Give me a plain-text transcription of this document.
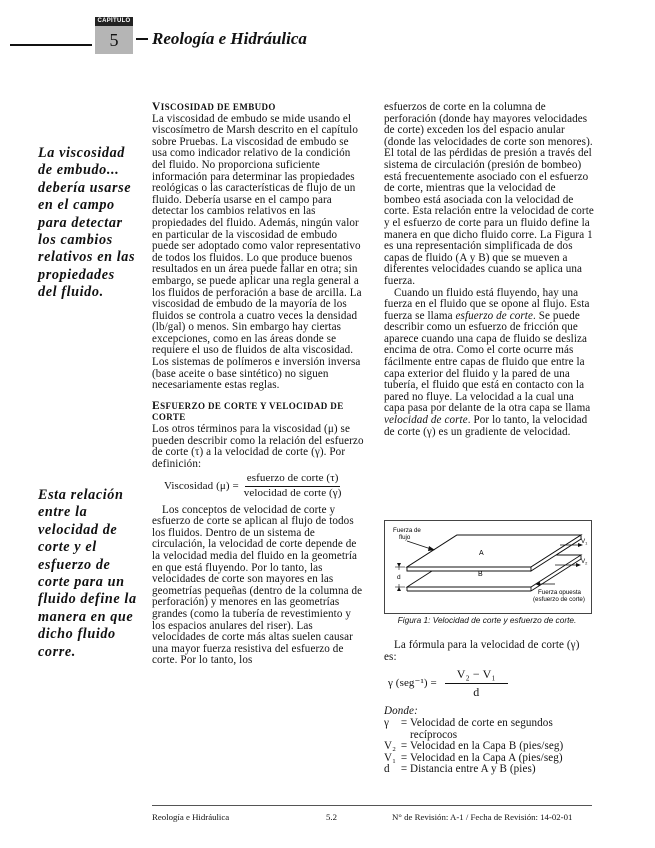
CAPÍTULO
5	Reología e Hidráulica
La viscosidad de embudo... debería usarse en el campo para detectar los cambios relativos en las propiedades del fluido.
Esta relación entre la velocidad de corte y el esfuerzo de corte para un fluido define la manera en que dicho fluido corre.

VISCOSIDAD DE EMBUDO

La viscosidad de embudo se mide usando el viscosímetro de Marsh descrito en el capítulo sobre Pruebas. La viscosidad de embudo se usa como indicador relativo de la condición del fluido. No proporciona suficiente información para determinar las propiedades reológicas o las características de flujo de un fluido. Debería usarse en el campo para detectar los cambios relativos en las propiedades del fluido. Además, ningún valor en particular de la viscosidad de embudo puede ser adoptado como valor representativo de todos los fluidos. Lo que produce buenos resultados en un área puede fallar en otra; sin embargo, se puede aplicar una regla general a los fluidos de perforación a base de arcilla. La viscosidad de embudo de la mayoría de los fluidos se controla a cuatro veces la densidad (lb/gal) o menos. Sin embargo hay ciertas excepciones, como en las áreas donde se requiere el uso de fluidos de alta viscosidad. Los sistemas de polímeros e inversión inversa (base aceite o base sintético) no siguen necesariamente estas reglas.

ESFUERZO DE CORTE Y VELOCIDAD DE CORTE

Los otros términos para la viscosidad (μ) se pueden describir como la relación del esfuerzo de corte (τ) a la velocidad de corte (γ). Por definición:

Viscosidad $(\mu) = \frac{\text{esfuerzo de corte (τ)}}{\text{velocidad de corte (γ)}}$

Los conceptos de velocidad de corte y esfuerzo de corte se aplican al flujo de todos los fluidos. Dentro de un sistema de circulación, la velocidad de corte depende de la velocidad media del fluido en la geometría en que está fluyendo. Por lo tanto, las velocidades de corte son mayores en las geometrías pequeñas (dentro de la columna de perforación) y menores en las geometrías grandes (como la tubería de revestimiento y los espacios anulares del riser). Las velocidades de corte más altas suelen causar una mayor fuerza resistiva del esfuerzo de corte. Por lo tanto, los

esfuerzos de corte en la columna de perforación (donde hay mayores velocidades de corte) exceden los del espacio anular (donde las velocidades de corte son menores). El total de las pérdidas de presión a través del sistema de circulación (presión de bombeo) está frecuentemente asociado con el esfuerzo de corte, mientras que la velocidad de bombeo está asociada con la velocidad de corte. Esta relación entre la velocidad de corte y el esfuerzo de corte para un fluido define la manera en que dicho fluido corre. La Figura 1 es una representación simplificada de dos capas de fluido (A y B) que se mueven a diferentes velocidades cuando se aplica una fuerza.

Cuando un fluido está fluyendo, hay una fuerza en el fluido que se opone al flujo. Esta fuerza se llama esfuerzo de corte. Se puede describir como un esfuerzo de fricción que aparece cuando una capa de fluido se desliza encima de otra. Como el corte ocurre más fácilmente entre capas de fluido que entre la capa exterior del fluido y la pared de una tubería, el fluido que está en contacto con la pared no fluye. La velocidad a la cual una capa pasa por delante de la otra capa se llama velocidad de corte. Por lo tanto, la velocidad de corte (γ) es un gradiente de velocidad.

Fuerza de
flujo
A
B
$V_1$
$V_2$
d
Fuerza opuesta
(esfuerzo de corte)
Figura 1: Velocidad de corte y esfuerzo de corte.

La fórmula para la velocidad de corte (γ) es:

γ $(seg^{-1}) = \frac{\text{V₂ − V₁}}{d}$

Donde:

γ	= Velocidad de corte en segundos recíprocos
V₂ = Velocidad en la Capa B (pies/seg)
V₁ = Velocidad en la Capa A (pies/seg)
d	= Distancia entre A y B (pies)
Reología e Hidráulica	5.2	N° de Revisión: A-1 / Fecha de Revisión: 14-02-01
